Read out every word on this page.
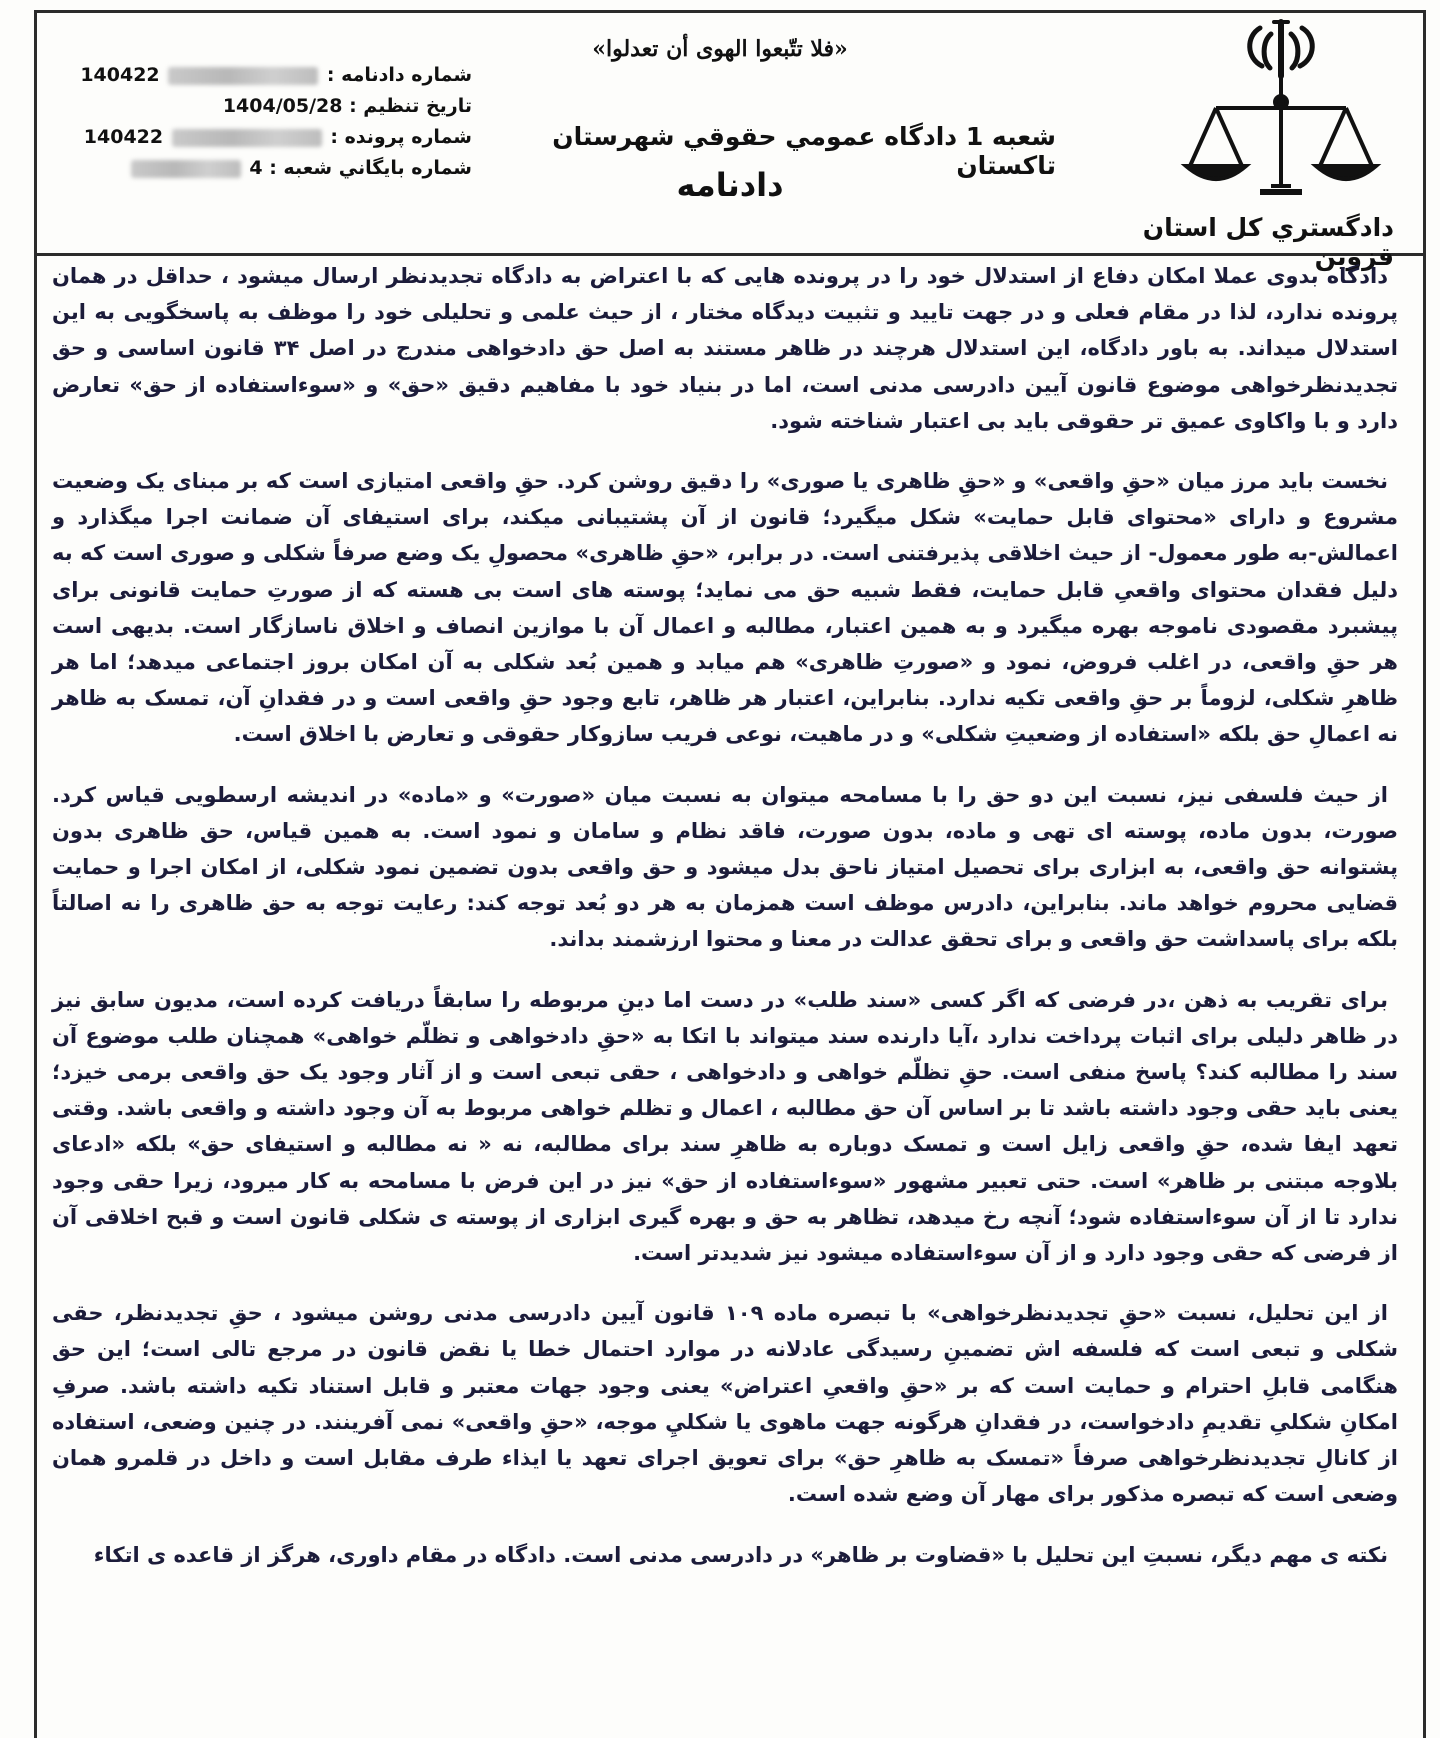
دادگستري كل استان قزوين
«فلا تتّبعوا الهوی أن تعدلوا»
شعبه 1 دادگاه عمومي حقوقي شهرستان تاكستان
دادنامه
شماره دادنامه :  140422
تاريخ تنظيم : 1404/05/28
شماره پرونده :  140422
شماره بايگاني شعبه : 4

دادگاه بدوی عملا امکان دفاع از استدلال خود را در پرونده هایی که با اعتراض به دادگاه تجدیدنظر ارسال میشود ، حداقل در همان پرونده ندارد، لذا در مقام فعلی و در جهت تایید و تثبیت دیدگاه مختار ، از حیث علمی و تحلیلی خود را موظف به پاسخگویی به این استدلال میداند. به باور دادگاه، این استدلال هرچند در ظاهر مستند به اصل حق دادخواهی مندرج در اصل ۳۴ قانون اساسی و حق تجدیدنظرخواهی موضوع قانون آیین دادرسی مدنی است، اما در بنیاد خود با مفاهیم دقیق «حق» و «سوءاستفاده از حق» تعارض دارد و با واکاوی عمیق تر حقوقی باید بی اعتبار شناخته شود.

نخست باید مرز میان «حقِ واقعی» و «حقِ ظاهری یا صوری» را دقیق روشن کرد. حقِ واقعی امتیازی است که بر مبنای یک وضعیت مشروع و دارای «محتوای قابل حمایت» شکل میگیرد؛ قانون از آن پشتیبانی میکند، برای استیفای آن ضمانت اجرا میگذارد و اعمالش-به طور معمول- از حیث اخلاقی پذیرفتنی است. در برابر، «حقِ ظاهری» محصولِ یک وضع صرفاً شکلی و صوری است که به دلیل فقدان محتوای واقعیِ قابل حمایت، فقط شبیه حق می نماید؛ پوسته های است بی هسته که از صورتِ حمایت قانونی برای پیشبرد مقصودی ناموجه بهره میگیرد و به همین اعتبار، مطالبه و اعمال آن با موازین انصاف و اخلاق ناسازگار است. بدیهی است هر حقِ واقعی، در اغلب فروض، نمود و «صورتِ ظاهری» هم میابد و همین بُعد شکلی به آن امکان بروز اجتماعی میدهد؛ اما هر ظاهرِ شکلی، لزوماً بر حقِ واقعی تکیه ندارد. بنابراین، اعتبار هر ظاهر، تابع وجود حقِ واقعی است و در فقدانِ آن، تمسک به ظاهر نه اعمالِ حق بلکه «استفاده از وضعیتِ شکلی» و در ماهیت، نوعی فریب سازوکار حقوقی و تعارض با اخلاق است.

از حیث فلسفی نیز، نسبت این دو حق را با مسامحه میتوان به نسبت میان «صورت» و «ماده» در اندیشه ارسطویی قیاس کرد. صورت، بدون ماده، پوسته ای تهی و ماده، بدون صورت، فاقد نظام و سامان و نمود است. به همین قیاس، حق ظاهری بدون پشتوانه حق واقعی، به ابزاری برای تحصیل امتیاز ناحق بدل میشود و حق واقعی بدون تضمین نمود شکلی، از امکان اجرا و حمایت قضایی محروم خواهد ماند. بنابراین، دادرس موظف است همزمان به هر دو بُعد توجه کند: رعایت توجه به حق ظاهری را نه اصالتاً بلکه برای پاسداشت حق واقعی و برای تحقق عدالت در معنا و محتوا ارزشمند بداند.

برای تقریب به ذهن ،در فرضی که اگر کسی «سند طلب» در دست اما دینِ مربوطه را سابقاً دریافت کرده است، مدیون سابق نیز در ظاهر دلیلی برای اثبات پرداخت ندارد ،آیا دارنده سند میتواند با اتکا به «حقِ دادخواهی و تظلّم خواهی» همچنان طلب موضوع آن سند را مطالبه کند؟ پاسخ منفی است. حقِ تظلّم خواهی و دادخواهی ، حقی تبعی است و از آثار وجود یک حق واقعی برمی خیزد؛ یعنی باید حقی وجود داشته باشد تا بر اساس آن حق مطالبه ، اعمال و تظلم خواهی مربوط به آن وجود داشته و واقعی باشد. وقتی تعهد ایفا شده، حقِ واقعی زایل است و تمسک دوباره به ظاهرِ سند برای مطالبه، نه « نه مطالبه و استیفای حق» بلکه «ادعای بلاوجه مبتنی بر ظاهر» است. حتی تعبیر مشهور «سوءاستفاده از حق» نیز در این فرض با مسامحه به کار میرود، زیرا حقی وجود ندارد تا از آن سوءاستفاده شود؛ آنچه رخ میدهد، تظاهر به حق و بهره گیری ابزاری از پوسته ی شکلی قانون است و قبح اخلاقی آن از فرضی که حقی وجود دارد و از آن سوءاستفاده میشود نیز شدیدتر است.

از این تحلیل، نسبت «حقِ تجدیدنظرخواهی» با تبصره ماده ۱۰۹ قانون آیین دادرسی مدنی روشن میشود ، حقِ تجدیدنظر، حقی شکلی و تبعی است که فلسفه اش تضمینِ رسیدگی عادلانه در موارد احتمال خطا یا نقض قانون در مرجع تالی است؛ این حق هنگامی قابلِ احترام و حمایت است که بر «حقِ واقعیِ اعتراض» یعنی وجود جهات معتبر و قابل استناد تکیه داشته باشد. صرفِ امکانِ شکلیِ تقدیمِ دادخواست، در فقدانِ هرگونه جهت ماهوی یا شکليِ موجه، «حقِ واقعی» نمی آفرینند. در چنین وضعی، استفاده از کانالِ تجدیدنظرخواهی صرفاً «تمسک به ظاهرِ حق» برای تعویق اجرای تعهد یا ایذاء طرف مقابل است و داخل در قلمرو همان وضعی است که تبصره مذکور برای مهار آن وضع شده است.

نکته ی مهم دیگر، نسبتِ این تحلیل با «قضاوت بر ظاهر» در دادرسی مدنی است. دادگاه در مقام داوری، هرگز از قاعده ی اتکاء
